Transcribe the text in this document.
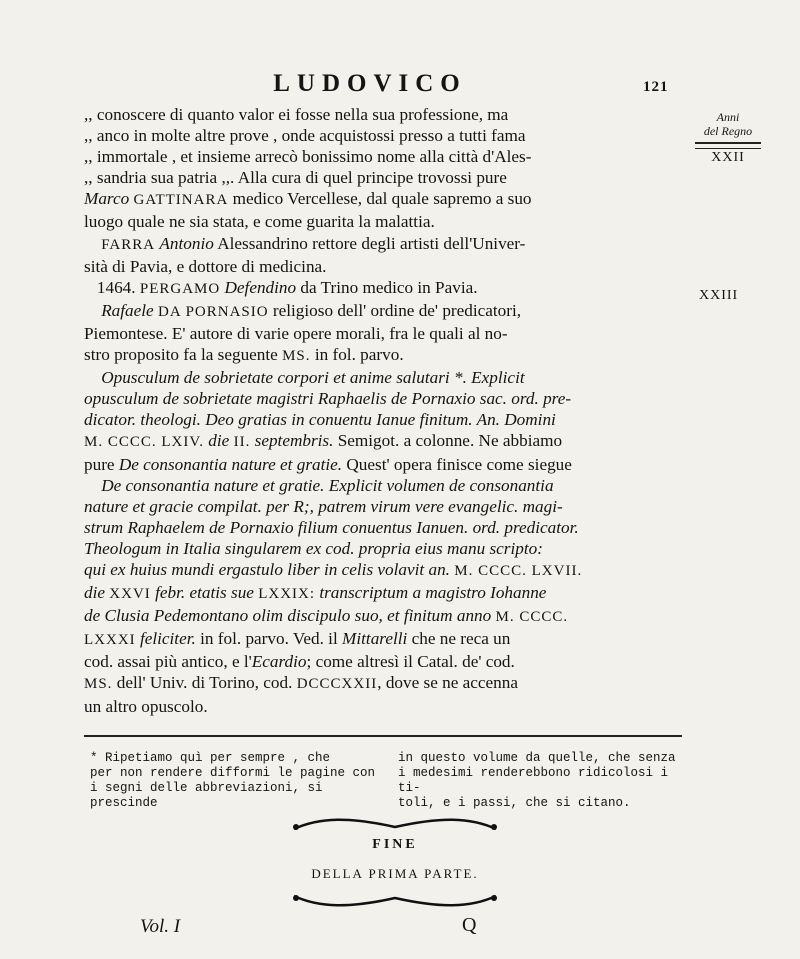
LUDOVICO	121
Anni
del Regno
XXII
XXIII
,, conoscere di quanto valor ei fosse nella sua professione, ma
,, anco in molte altre prove , onde acquistossi presso a tutti fama
,, immortale , et insieme arrecò bonissimo nome alla città d'Ales-
,, sandria sua patria ,,. Alla cura di quel principe trovossi pure
Marco GATTINARA medico Vercellese, dal quale sapremo a suo
luogo quale ne sia stata, e come guarita la malattia.
FARRA Antonio Alessandrino rettore degli artisti dell'Univer-
sità di Pavia, e dottore di medicina.
1464. PERGAMO Defendino da Trino medico in Pavia.
Rafaele DA PORNASIO religioso dell' ordine de' predicatori,
Piemontese. E' autore di varie opere morali, fra le quali al no-
stro proposito fa la seguente MS. in fol. parvo.
Opusculum de sobrietate corpori et anime salutari *. Explicit
opusculum de sobrietate magistri Raphaelis de Pornaxio sac. ord. pre-
dicator. theologi. Deo gratias in conuentu Ianue finitum. An. Domini
M. CCCC. LXIV. die II. septembris. Semigot. a colonne. Ne abbiamo
pure De consonantia nature et gratie. Quest' opera finisce come siegue
De consonantia nature et gratie. Explicit volumen de consonantia
nature et gracie compilat. per R;, patrem virum vere evangelic. magi-
strum Raphaelem de Pornaxio filium conuentus Ianuen. ord. predicator.
Theologum in Italia singularem ex cod. propria eius manu scripto:
qui ex huius mundi ergastulo liber in celis volavit an. M. CCCC. LXVII.
die XXVI febr. etatis sue LXXIX: transcriptum a magistro Iohanne
de Clusia Pedemontano olim discipulo suo, et finitum anno M. CCCC.
LXXXI feliciter. in fol. parvo. Ved. il Mittarelli che ne reca un
cod. assai più antico, e l'Ecardio; come altresì il Catal. de' cod.
MS. dell' Univ. di Torino, cod. DCCCXXII, dove se ne accenna
un altro opuscolo.
* Ripetiamo quì per sempre , che
per non rendere difformi le pagine con
i segni delle abbreviazioni, si prescinde
in questo volume da quelle, che senza
i medesimi renderebbono ridicolosi i ti-
toli, e i passi, che si citano.
FINE
DELLA PRIMA PARTE.
Vol. I	Q
